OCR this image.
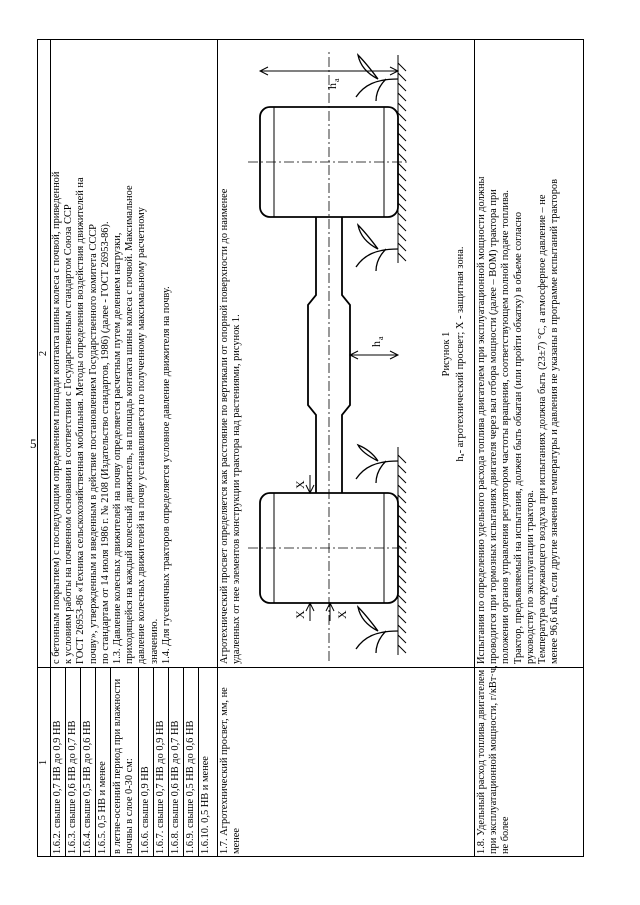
5
1
2
1.6.2. свыше 0,7 НВ до 0,9 НВ 1.6.3. свыше 0,6 НВ до 0,7 НВ 1.6.4. свыше 0,5 НВ до 0,6 НВ 1.6.5. 0,5 НВ и менее в летне-осенний период при влажности почвы в слое 0-30 см: 1.6.6. свыше 0,9 НВ 1.6.7. свыше 0,7 НВ до 0,9 НВ 1.6.8. свыше 0,6 НВ до 0,7 НВ 1.6.9. свыше 0,5 НВ до 0,6 НВ 1.6.10. 0,5 НВ и менее
с бетонным покрытием) с последующим определением площади контакта шины колеса с почвой, приведенной к условиям работы на почвенном основании в соответствии с Государственным стандартом Союза ССР ГОСТ 26953-86 «Техника сельскохозяйственная мобильная. Методы определения воздействия движителей на почву», утвержденным и введенным в действие постановлением Государственного комитета СССР по стандартам от 14 июля 1986 г. № 2108 (Издательство стандартов, 1986) (далее - ГОСТ 26953-86). 1.3. Давление колесных движителей на почву определяется расчетным путем делением нагрузки, приходящейся на каждый колесный движитель, на площадь контакта шины колеса с почвой. Максимальное давление колесных движителей на почву устанавливается по полученному максимальному расчетному значению. 1.4. Для гусеничных тракторов определяется условное давление движителя на почву.
1.7. Агротехнический просвет, мм, не менее
Агротехнический просвет определяется как расстояние по вертикали от опорной поверхности до наименее удаленных от нее элементов конструкции трактора над растениями, рисунок 1.	h
a
h
a
X
X
X
Рисунок 1 hₐ- агротехнический просвет; X - защитная зона.
1.8. Удельный расход топлива двигателем при эксплуатационной мощности, г/кВт·ч, не более
Испытания по определению удельного расхода топлива двигателем при эксплуатационной мощности должны проводится при тормозных испытаниях двигателя через вал отбора мощности (далее – ВОМ) трактора при положении органов управления регулятором частоты вращения, соответствующем полной подаче топлива. Трактор, предъявляемый на испытания, должен быть обкатан (или пройти обкатку) в объеме согласно руководству по эксплуатации трактора. Температура окружающего воздуха при испытаниях должна быть (23±7) °С, а атмосферное давление – не менее 96,6 кПа, если другие значения температуры и давления не указаны в программе испытаний тракторов
